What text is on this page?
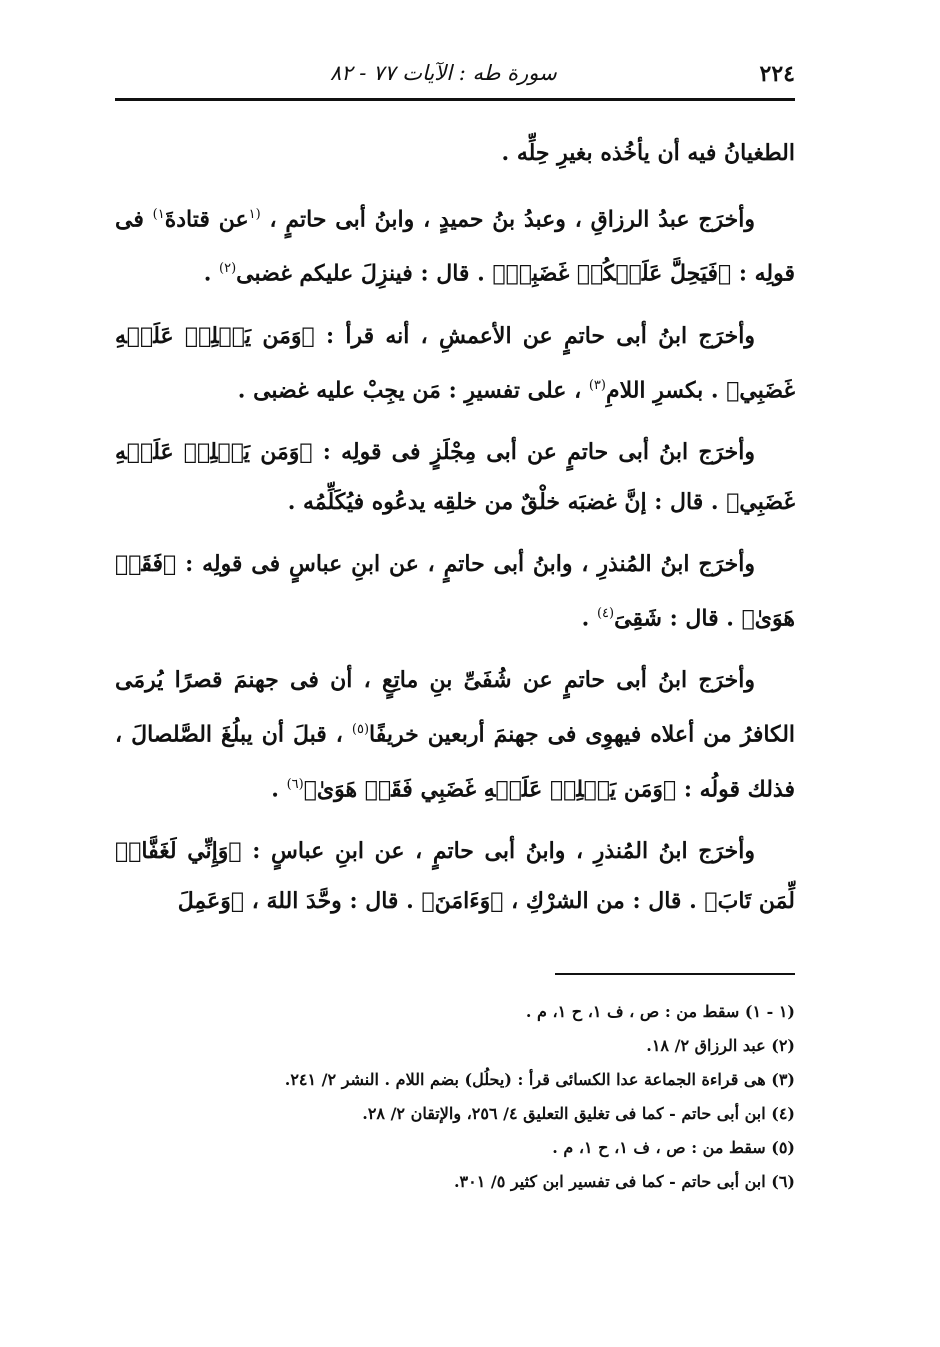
٢٢٤
سورة طه : الآيات ٧٧ - ٨٢

الطغيانُ فيه أن يأخُذه بغيرِ حِلِّه .

وأخرَج عبدُ الرزاقِ ، وعبدُ بنُ حميدٍ ، وابنُ أبى حاتمٍ ، $^{(١}$عن قتادةَ$^{١)}$ فى قولِه : ﴿فَيَحِلَّ عَلَيۡكُمۡ غَضَبِيۖ﴾ . قال : فينزِلَ عليكم غضبى$^{(٢)}$ .

وأخرَج ابنُ أبى حاتمٍ عن الأعمشِ ، أنه قرأ : ﴿وَمَن يَحۡلِلۡ عَلَيۡهِ غَضَبِي﴾ . بكسرِ اللامِ$^{(٣)}$ ، على تفسيرِ : مَن يجِبْ عليه غضبى .

وأخرَج ابنُ أبى حاتمٍ عن أبى مِجْلَزٍ فى قولِه : ﴿وَمَن يَحۡلِلۡ عَلَيۡهِ غَضَبِي﴾ . قال : إنَّ غضبَه خلْقٌ من خلقِه يدعُوه فيُكَلِّمُه .

وأخرَج ابنُ المُنذرِ ، وابنُ أبى حاتمٍ ، عن ابنِ عباسٍ فى قولِه : ﴿فَقَدۡ هَوَىٰ﴾ . قال : شَقِىَ$^{(٤)}$ .

وأخرَج ابنُ أبى حاتمٍ عن شُفَىِّ بنِ ماتِعٍ ، أن فى جهنمَ قصرًا يُرمَى الكافرُ من أعلاه فيهوِى فى جهنمَ أربعين خريفًا$^{(٥)}$ ، قبلَ أن يبلُغَ الصَّلصالَ ، فذلك قولُه : ﴿وَمَن يَحۡلِلۡ عَلَيۡهِ غَضَبِي فَقَدۡ هَوَىٰ﴾$^{(٦)}$ .

وأخرَج ابنُ المُنذرِ ، وابنُ أبى حاتمٍ ، عن ابنِ عباسٍ : ﴿وَإِنِّي لَغَفَّارٞ لِّمَن تَابَ﴾ . قال : من الشرْكِ ، ﴿وَءَامَنَ﴾ . قال : وحَّدَ اللهَ ، ﴿وَعَمِلَ

(١ - ١) سقط من : ص ، ف ١، ح ١، م .

(٢) عبد الرزاق ٢/ ١٨.

(٣) هى قراءة الجماعة عدا الكسائى قرأ : (يحلُل) بضم اللام . النشر ٢/ ٢٤١.

(٤) ابن أبى حاتم - كما فى تغليق التعليق ٤/ ٢٥٦، والإتقان ٢/ ٢٨.

(٥) سقط من : ص ، ف ١، ح ١، م .

(٦) ابن أبى حاتم - كما فى تفسير ابن كثير ٥/ ٣٠١.
